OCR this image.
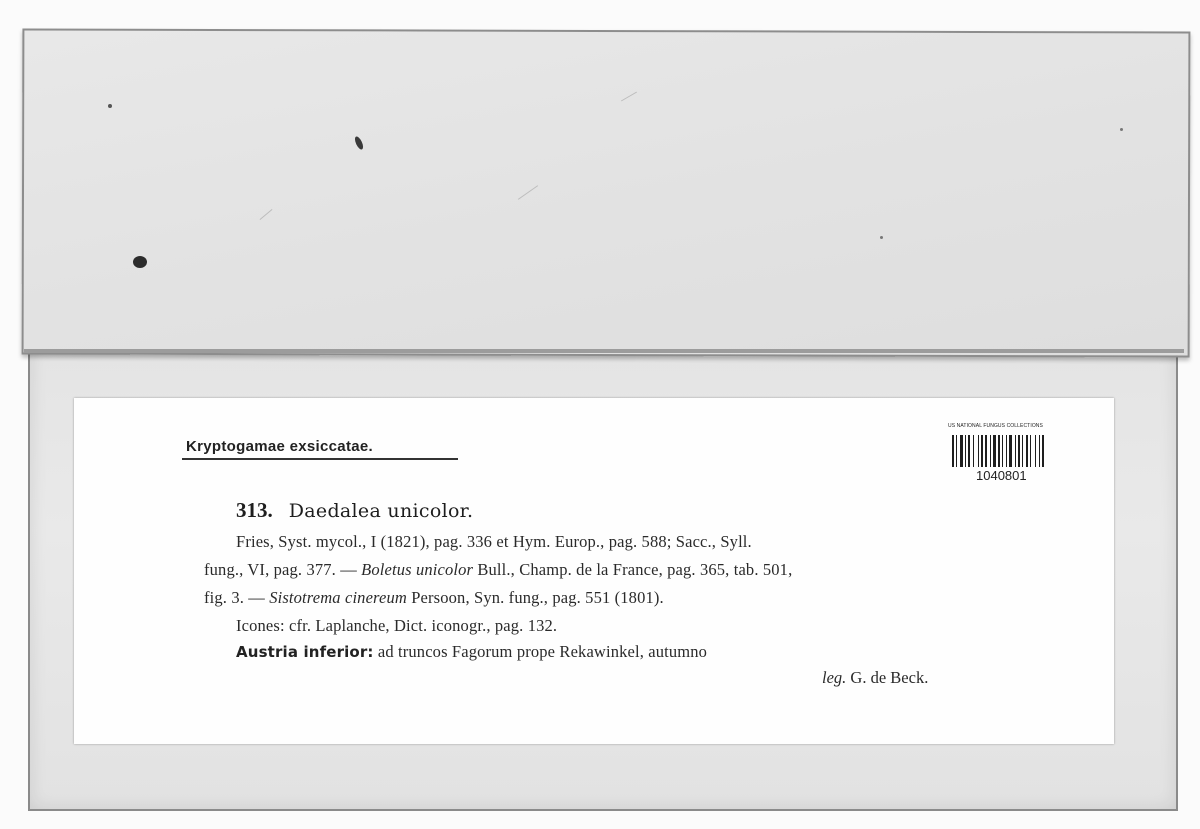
Kryptogamae exsiccatae.
US NATIONAL FUNGUS COLLECTIONS
1040801
313. Daedalea unicolor.
Fries, Syst. mycol., I (1821), pag. 336 et Hym. Europ., pag. 588; Sacc., Syll.
fung., VI, pag. 377. — Boletus unicolor Bull., Champ. de la France, pag. 365, tab. 501,
fig. 3. — Sistotrema cinereum Persoon, Syn. fung., pag. 551 (1801).
Icones: cfr. Laplanche, Dict. iconogr., pag. 132.
Austria inferior: ad truncos Fagorum prope Rekawinkel, autumno
leg. G. de Beck.
